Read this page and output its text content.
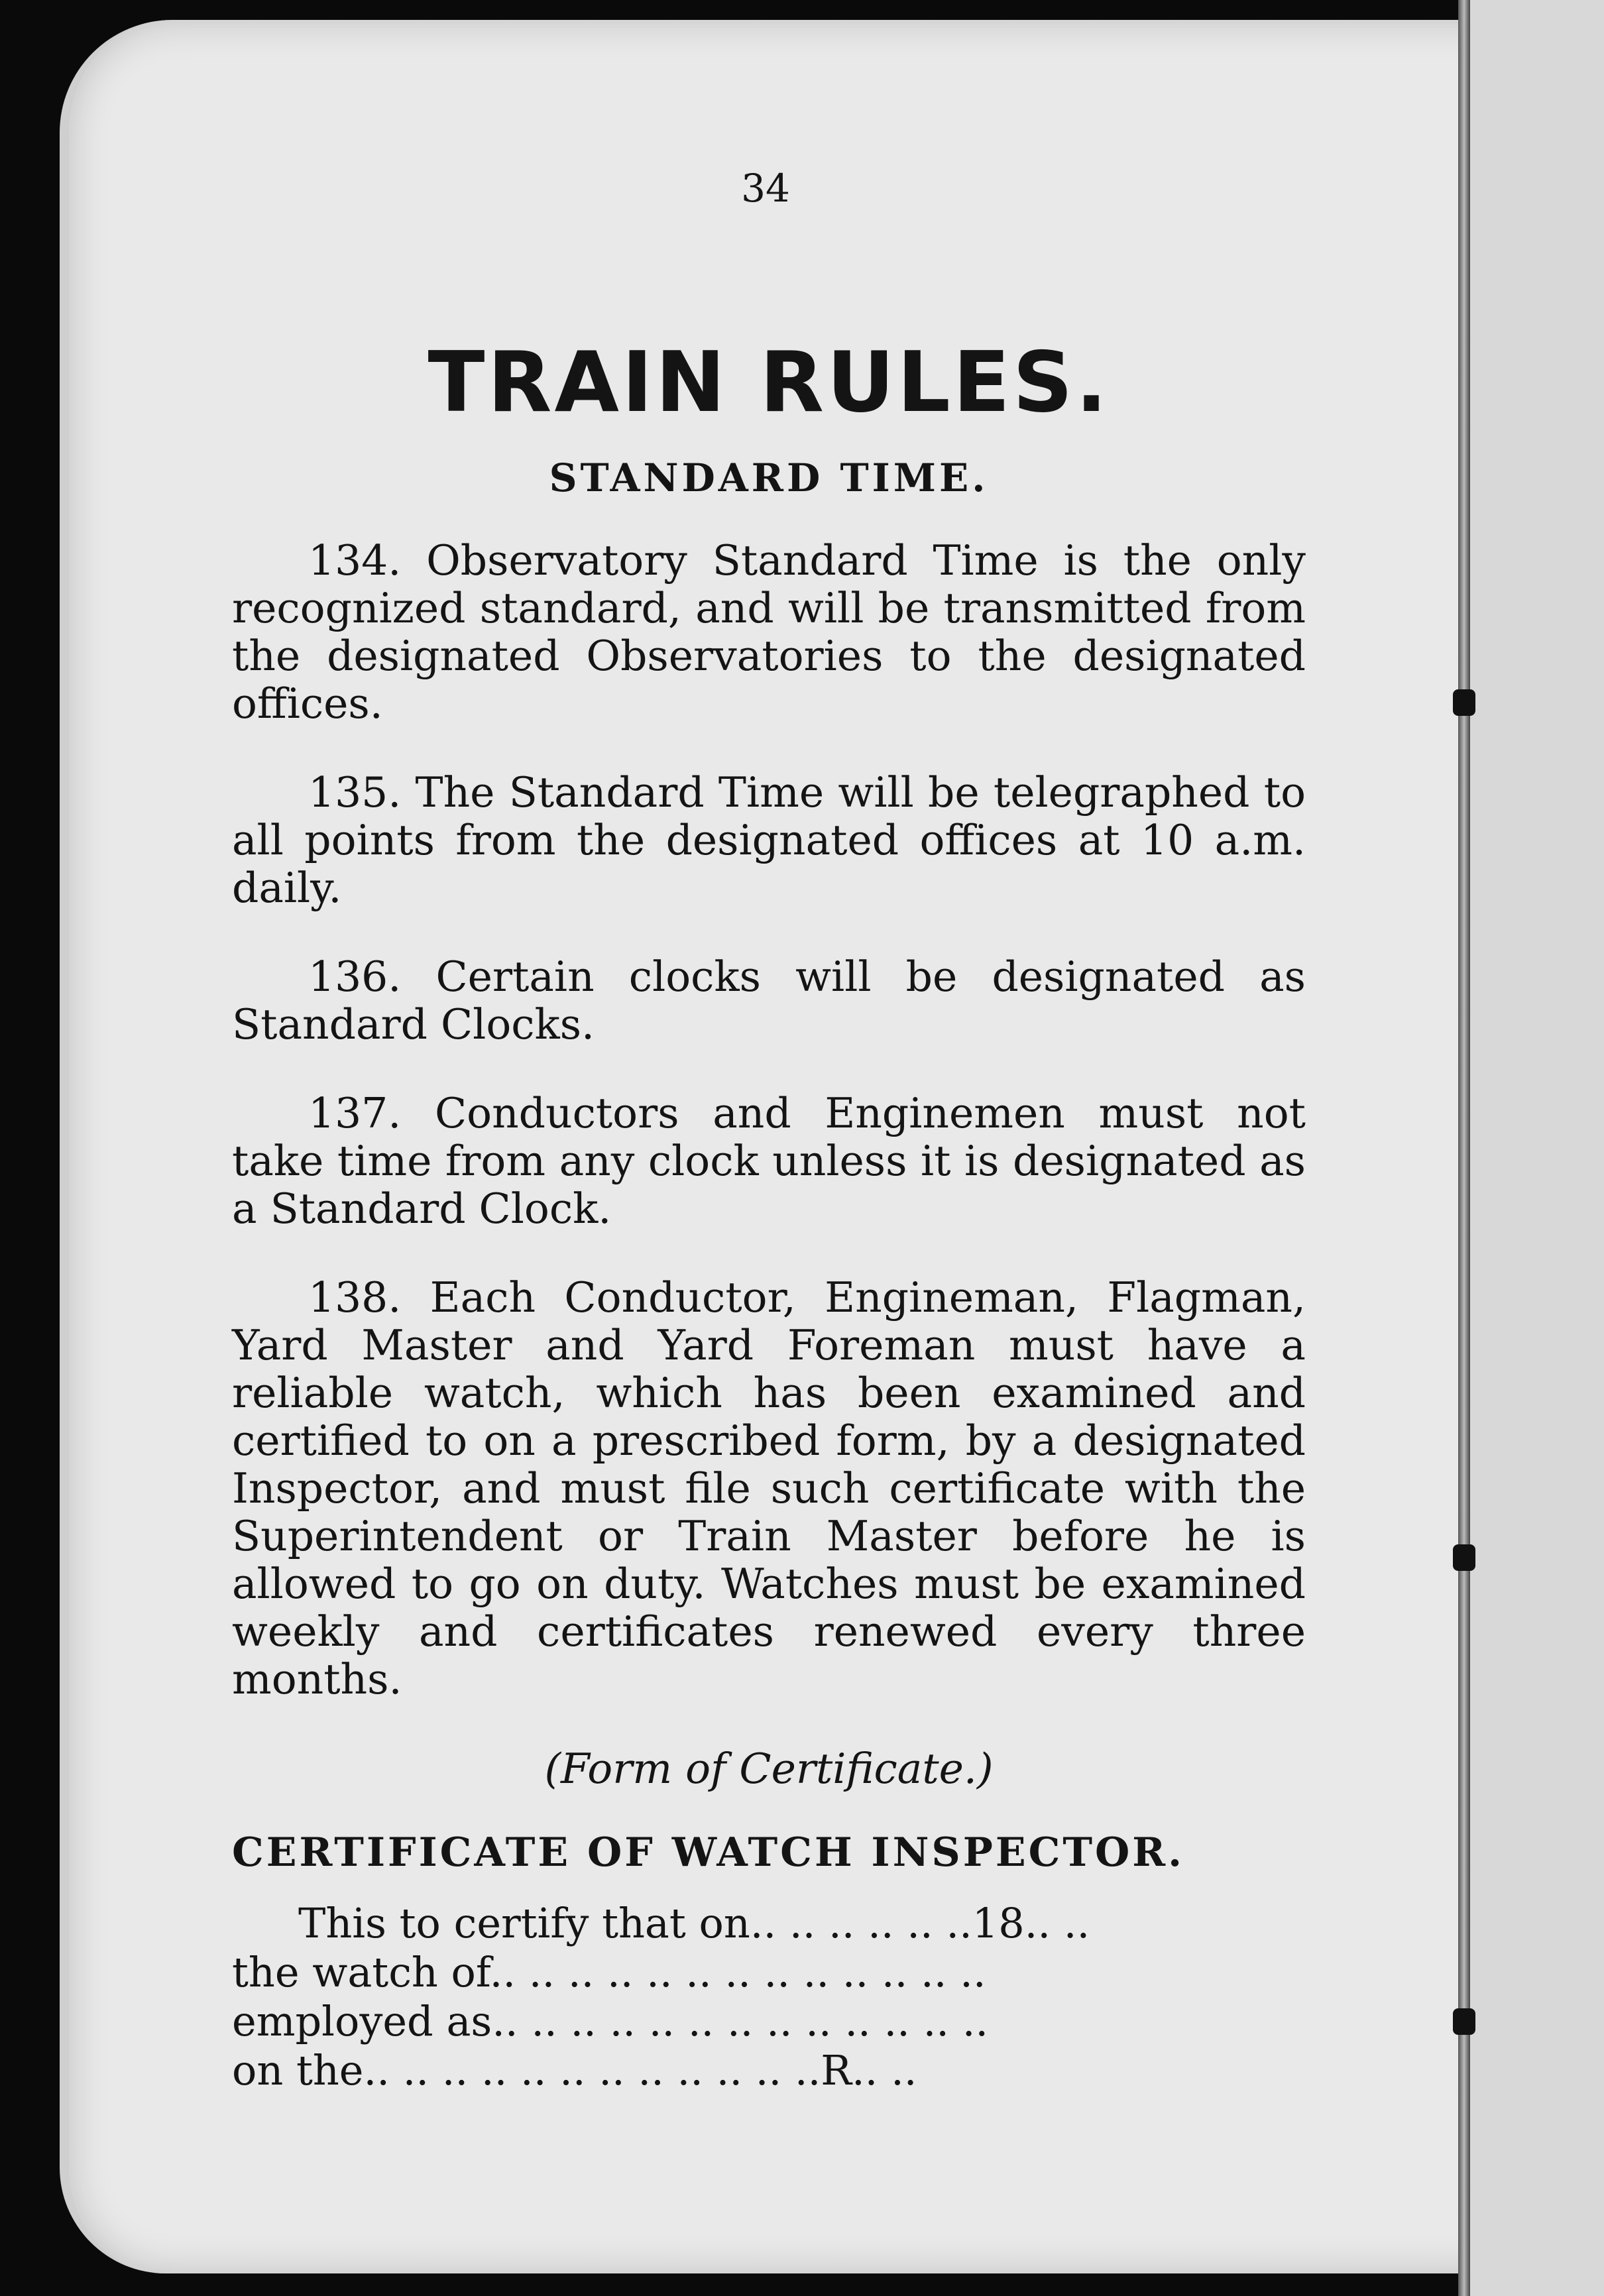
34
TRAIN RULES.
STANDARD TIME.

134. Observatory Standard Time is the only recognized standard, and will be transmitted from the designated Observatories to the designated offices.

135. The Standard Time will be telegraphed to all points from the designated offices at 10 a.m. daily.

136. Certain clocks will be designated as Standard Clocks.

137. Conductors and Enginemen must not take time from any clock unless it is designated as a Standard Clock.

138. Each Conductor, Engineman, Flagman, Yard Master and Yard Foreman must have a reliable watch, which has been examined and certified to on a prescribed form, by a designated Inspector, and must file such certificate with the Superintendent or Train Master before he is allowed to go on duty. Watches must be examined weekly and certificates renewed every three months.

(Form of Certificate.)
CERTIFICATE OF WATCH INSPECTOR.
This to certify that on.. .. .. .. .. ..18.. ..
the watch of.. .. .. .. .. .. .. .. .. .. .. .. ..
employed as.. .. .. .. .. .. .. .. .. .. .. .. ..
on the.. .. .. .. .. .. .. .. .. .. .. ..R.. ..
